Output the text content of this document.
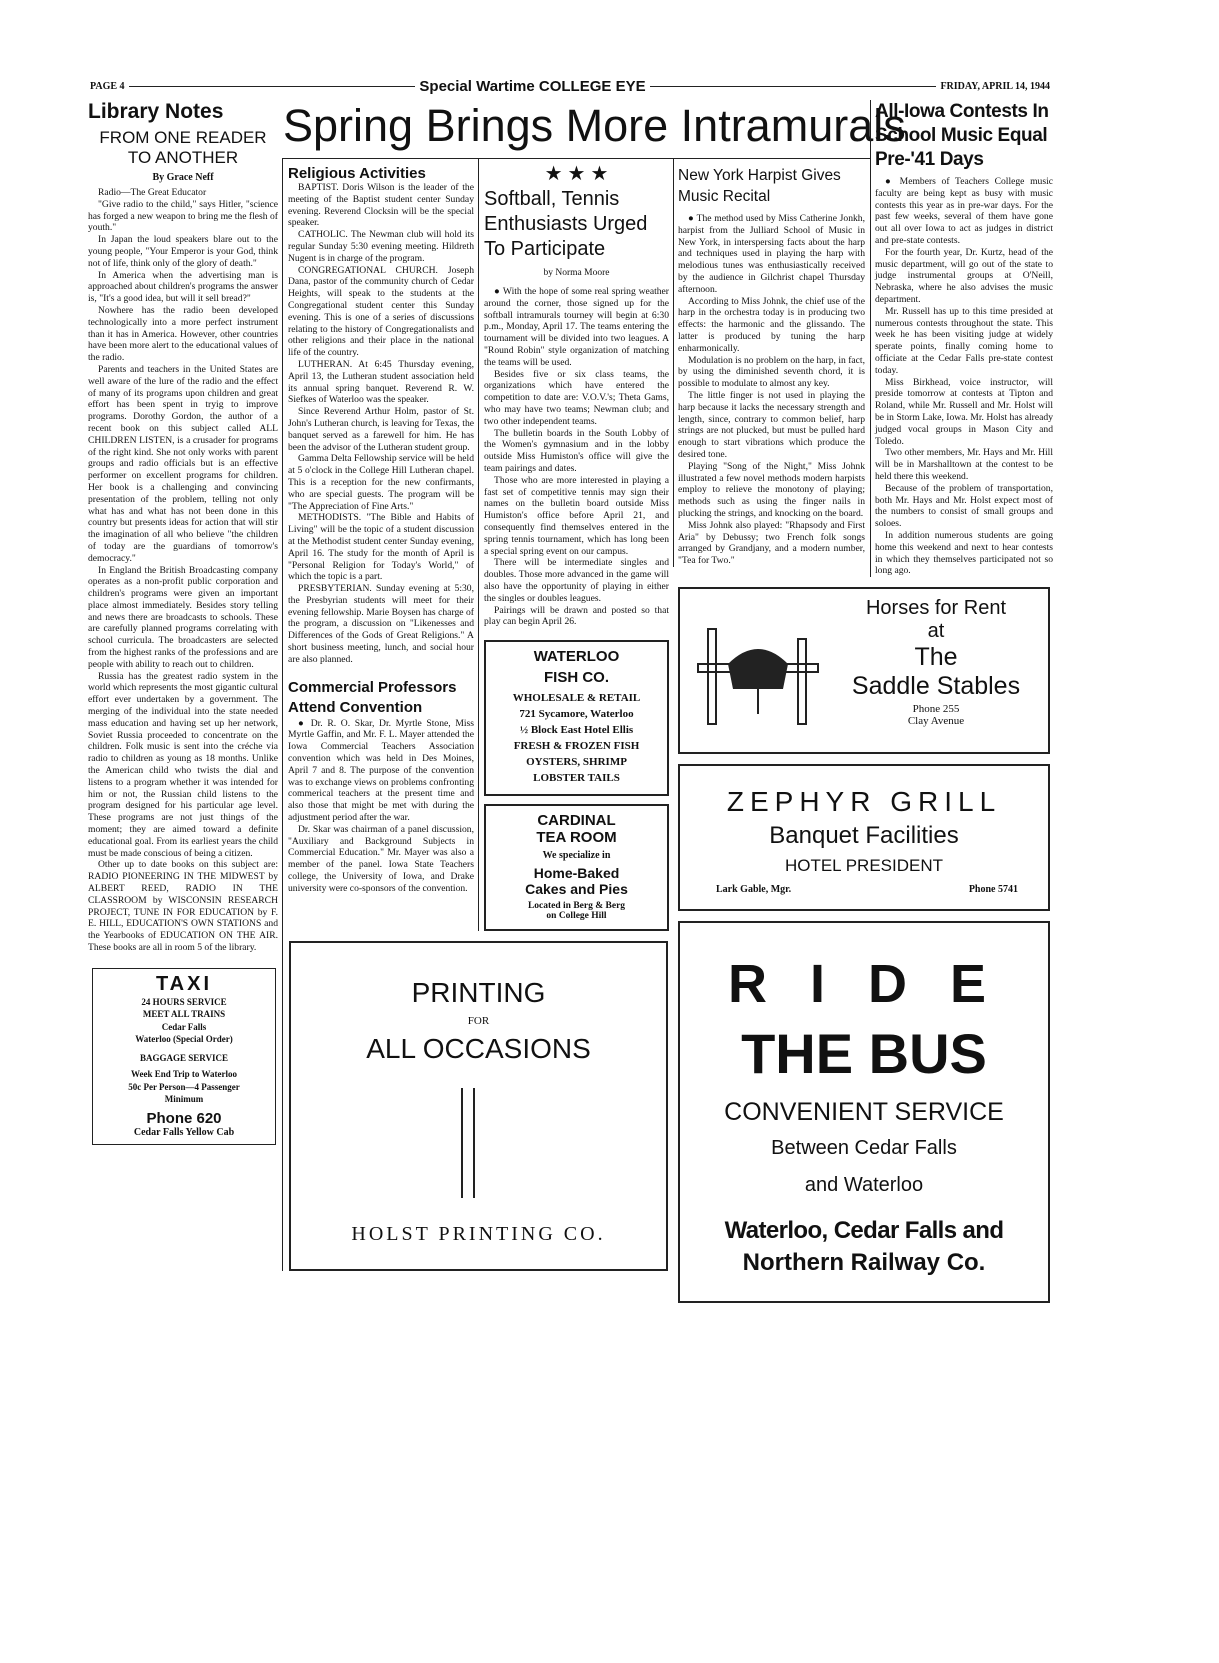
PAGE 4	Special Wartime COLLEGE EYE	FRIDAY, APRIL 14, 1944
Library Notes
FROM ONE READER
TO ANOTHER
By Grace Neff

Radio—The Great Educator

"Give radio to the child," says Hitler, "science has forged a new weapon to bring me the flesh of youth."

In Japan the loud speakers blare out to the young people, "Your Emperor is your God, think not of life, think only of the glory of death."

In America when the advertising man is approached about children's programs the answer is, "It's a good idea, but will it sell bread?"

Nowhere has the radio been developed technologically into a more perfect instrument than it has in America. However, other countries have been more alert to the educational values of the radio.

Parents and teachers in the United States are well aware of the lure of the radio and the effect of many of its programs upon children and great effort has been spent in tryig to improve programs. Dorothy Gordon, the author of a recent book on this subject called ALL CHILDREN LISTEN, is a crusader for programs of the right kind. She not only works with parent groups and radio officials but is an effective performer on excellent programs for children. Her book is a challenging and convincing presentation of the problem, telling not only what has and what has not been done in this country but presents ideas for action that will stir the imagination of all who believe "the children of today are the guardians of tomorrow's democracy."

In England the British Broadcasting company operates as a non-profit public corporation and children's programs were given an important place almost immediately. Besides story telling and news there are broadcasts to schools. These are carefully planned programs correlating with school curricula. The broadcasters are selected from the highest ranks of the professions and are people with ability to reach out to children.

Russia has the greatest radio system in the world which represents the most gigantic cultural effort ever undertaken by a government. The merging of the individual into the state needed mass education and having set up her network, Soviet Russia proceeded to concentrate on the children. Folk music is sent into the créche via radio to children as young as 18 months. Unlike the American child who twists the dial and listens to a program whether it was intended for him or not, the Russian child listens to the program designed for his particular age level. These programs are not just things of the moment; they are aimed toward a definite educational goal. From its earliest years the child must be made conscious of being a citizen.

Other up to date books on this subject are: RADIO PIONEERING IN THE MIDWEST by ALBERT REED, RADIO IN THE CLASSROOM by WISCONSIN RESEARCH PROJECT, TUNE IN FOR EDUCATION by F. E. HILL, EDUCATION'S OWN STATIONS and the Yearbooks of EDUCATION ON THE AIR. These books are all in room 5 of the library.

TAXI
24 HOURS SERVICE
MEET ALL TRAINS
Cedar Falls
Waterloo (Special Order)
BAGGAGE SERVICE
Week End Trip to Waterloo
50c Per Person—4 Passenger
Minimum
Phone 620
Cedar Falls Yellow Cab
Spring Brings More Intramurals
Religious Activities

BAPTIST. Doris Wilson is the leader of the meeting of the Baptist student center Sunday evening. Reverend Clocksin will be the special speaker.

CATHOLIC. The Newman club will hold its regular Sunday 5:30 evening meeting. Hildreth Nugent is in charge of the program.

CONGREGATIONAL CHURCH. Joseph Dana, pastor of the community church of Cedar Heights, will speak to the students at the Congregational student center this Sunday evening. This is one of a series of discussions relating to the history of Congregationalists and other religions and their place in the national life of the country.

LUTHERAN. At 6:45 Thursday evening, April 13, the Lutheran student association held its annual spring banquet. Reverend R. W. Siefkes of Waterloo was the speaker.

Since Reverend Arthur Holm, pastor of St. John's Lutheran church, is leaving for Texas, the banquet served as a farewell for him. He has been the advisor of the Lutheran student group.

Gamma Delta Fellowship service will be held at 5 o'clock in the College Hill Lutheran chapel. This is a reception for the new confirmants, who are special guests. The program will be "The Appreciation of Fine Arts."

METHODISTS. "The Bible and Habits of Living" will be the topic of a student discussion at the Methodist student center Sunday evening, April 16. The study for the month of April is "Personal Religion for Today's World," of which the topic is a part.

PRESBYTERIAN. Sunday evening at 5:30, the Presbyrian students will meet for their evening fellowship. Marie Boysen has charge of the program, a discussion on "Likenesses and Differences of the Gods of Great Religions." A short business meeting, lunch, and social hour are also planned.

Commercial Professors Attend Convention

● Dr. R. O. Skar, Dr. Myrtle Stone, Miss Myrtle Gaffin, and Mr. F. L. Mayer attended the Iowa Commercial Teachers Association convention which was held in Des Moines, April 7 and 8. The purpose of the convention was to exchange views on problems confronting commerical teachers at the present time and also those that might be met with during the adjustment period after the war.

Dr. Skar was chairman of a panel discussion, "Auxiliary and Background Subjects in Commercial Education." Mr. Mayer was also a member of the panel. Iowa State Teachers college, the University of Iowa, and Drake university were co-sponsors of the convention.

★ ★ ★
Softball, Tennis Enthusiasts Urged To Participate
by Norma Moore

● With the hope of some real spring weather around the corner, those signed up for the softball intramurals tourney will begin at 6:30 p.m., Monday, April 17. The teams entering the tournament will be divided into two leagues. A "Round Robin" style organization of matching the teams will be used.

Besides five or six class teams, the organizations which have entered the competition to date are: V.O.V.'s; Theta Gams, who may have two teams; Newman club; and two other independent teams.

The bulletin boards in the South Lobby of the Women's gymnasium and in the lobby outside Miss Humiston's office will give the team pairings and dates.

Those who are more interested in playing a fast set of competitive tennis may sign their names on the bulletin board outside Miss Humiston's office before April 21, and consequently find themselves entered in the spring tennis tournament, which has long been a special spring event on our campus.

There will be intermediate singles and doubles. Those more advanced in the game will also have the opportunity of playing in either the singles or doubles leagues.

Pairings will be drawn and posted so that play can begin April 26.

WATERLOO
FISH CO.
WHOLESALE & RETAIL
721 Sycamore, Waterloo
½ Block East Hotel Ellis
FRESH & FROZEN FISH
OYSTERS, SHRIMP
LOBSTER TAILS
CARDINAL
TEA ROOM
We specialize in
Home-Baked
Cakes and Pies
Located in Berg & Berg
on College Hill
PRINTING
FOR
ALL OCCASIONS
HOLST PRINTING CO.
New York Harpist Gives Music Recital

● The method used by Miss Catherine Jonkh, harpist from the Julliard School of Music in New York, in interspersing facts about the harp and techniques used in playing the harp with melodious tunes was enthusiastically received by the audience in Gilchrist chapel Thursday afternoon.

According to Miss Johnk, the chief use of the harp in the orchestra today is in producing two effects: the harmonic and the glissando. The latter is produced by tuning the harp enharmonically.

Modulation is no problem on the harp, in fact, by using the diminished seventh chord, it is possible to modulate to almost any key.

The little finger is not used in playing the harp because it lacks the necessary strength and length, since, contrary to common belief, harp strings are not plucked, but must be pulled hard enough to start vibrations which produce the desired tone.

Playing "Song of the Night," Miss Johnk illustrated a few novel methods modern harpists employ to relieve the monotony of playing; methods such as using the finger nails in plucking the strings, and knocking on the board.

Miss Johnk also played: "Rhapsody and First Aria" by Debussy; two French folk songs arranged by Grandjany, and a modern number, "Tea for Two."

All-Iowa Contests In School Music Equal Pre-'41 Days

● Members of Teachers College music faculty are being kept as busy with music contests this year as in pre-war days. For the past few weeks, several of them have gone out all over Iowa to act as judges in district and pre-state contests.

For the fourth year, Dr. Kurtz, head of the music department, will go out of the state to judge instrumental groups at O'Neill, Nebraska, where he also advises the music department.

Mr. Russell has up to this time presided at numerous contests throughout the state. This week he has been visiting judge at widely sperate points, finally coming home to officiate at the Cedar Falls pre-state contest today.

Miss Birkhead, voice instructor, will preside tomorrow at contests at Tipton and Roland, while Mr. Russell and Mr. Holst will be in Storm Lake, Iowa. Mr. Holst has already judged vocal groups in Mason City and Toledo.

Two other members, Mr. Hays and Mr. Hill will be in Marshalltown at the contest to be held there this weekend.

Because of the problem of transportation, both Mr. Hays and Mr. Holst expect most of the numbers to consist of small groups and soloes.

In addition numerous students are going home this weekend and next to hear contests in which they themselves participated not so long ago.

Horses for Rent
at
The
Saddle Stables
Phone 255
Clay Avenue
ZEPHYR GRILL
Banquet Facilities
HOTEL PRESIDENT
Lark Gable, Mgr.	Phone 5741
R I D E
THE BUS
CONVENIENT SERVICE
Between Cedar Falls
and Waterloo
Waterloo, Cedar Falls and
Northern Railway Co.
